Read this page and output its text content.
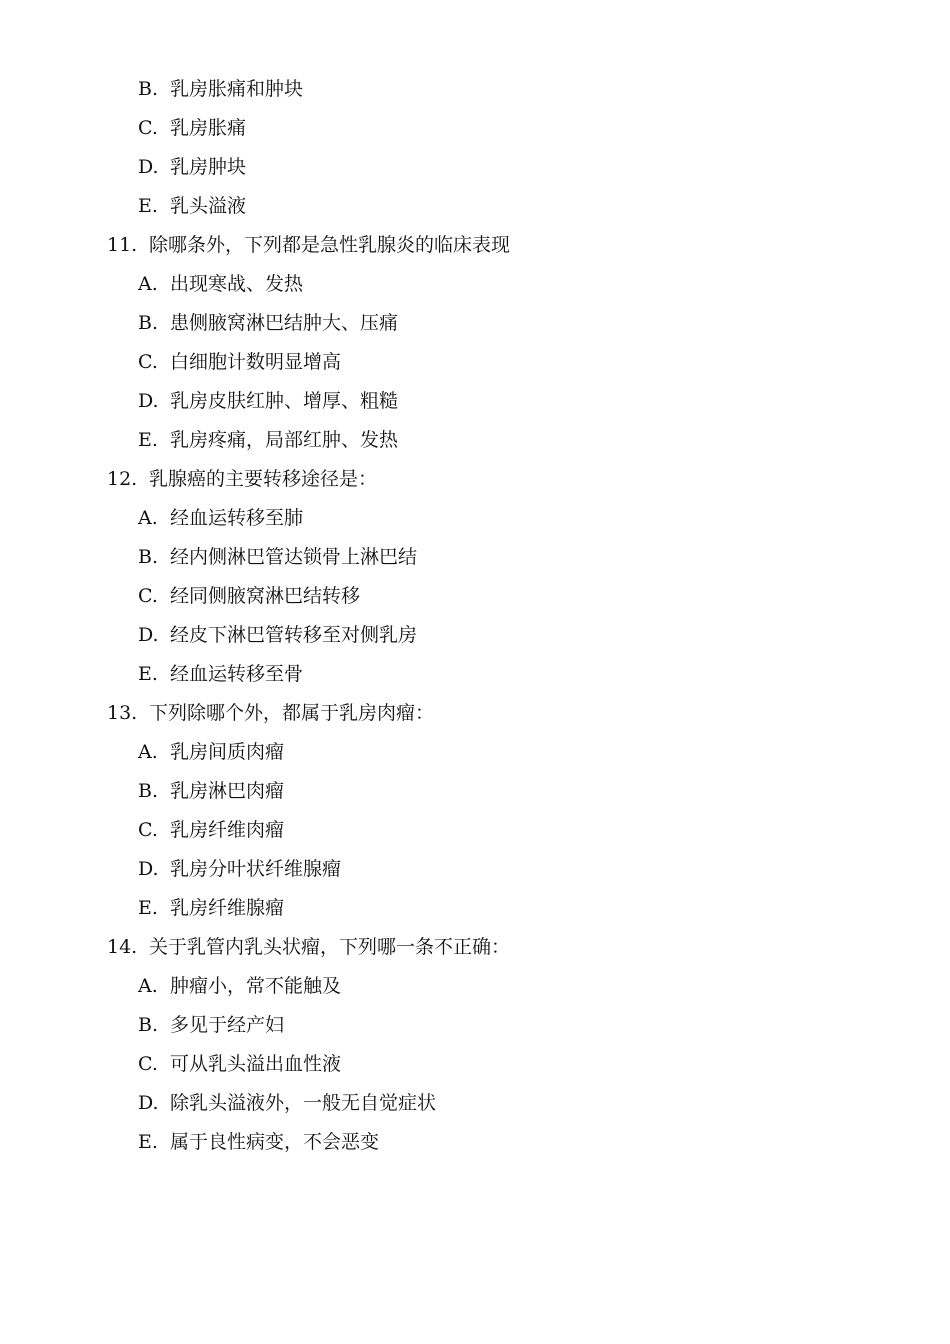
B. 乳房胀痛和肿块
C. 乳房胀痛
D. 乳房肿块
E. 乳头溢液
11. 除哪条外，下列都是急性乳腺炎的临床表现
A. 出现寒战、发热
B. 患侧腋窝淋巴结肿大、压痛
C. 白细胞计数明显增高
D. 乳房皮肤红肿、增厚、粗糙
E. 乳房疼痛，局部红肿、发热
12. 乳腺癌的主要转移途径是：
A. 经血运转移至肺
B. 经内侧淋巴管达锁骨上淋巴结
C. 经同侧腋窝淋巴结转移
D. 经皮下淋巴管转移至对侧乳房
E. 经血运转移至骨
13. 下列除哪个外，都属于乳房肉瘤：
A. 乳房间质肉瘤
B. 乳房淋巴肉瘤
C. 乳房纤维肉瘤
D. 乳房分叶状纤维腺瘤
E. 乳房纤维腺瘤
14. 关于乳管内乳头状瘤，下列哪一条不正确：
A. 肿瘤小，常不能触及
B. 多见于经产妇
C. 可从乳头溢出血性液
D. 除乳头溢液外，一般无自觉症状
E. 属于良性病变，不会恶变
